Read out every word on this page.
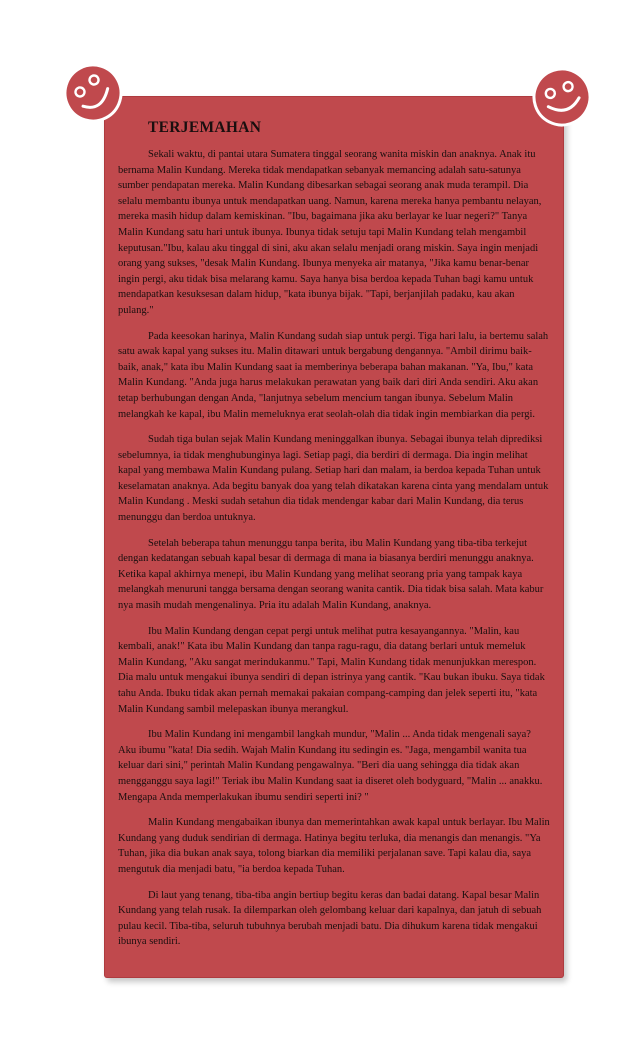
TERJEMAHAN

Sekali waktu, di pantai utara Sumatera tinggal seorang wanita miskin dan anaknya. Anak itu bernama Malin Kundang. Mereka tidak mendapatkan sebanyak memancing adalah satu-satunya sumber pendapatan mereka. Malin Kundang dibesarkan sebagai seorang anak muda terampil. Dia selalu membantu ibunya untuk mendapatkan uang. Namun, karena mereka hanya pembantu nelayan, mereka masih hidup dalam kemiskinan. "Ibu, bagaimana jika aku berlayar ke luar negeri?" Tanya Malin Kundang satu hari untuk ibunya. Ibunya tidak setuju tapi Malin Kundang telah mengambil keputusan."Ibu, kalau aku tinggal di sini, aku akan selalu menjadi orang miskin. Saya ingin menjadi orang yang sukses, "desak Malin Kundang. Ibunya menyeka air matanya, "Jika kamu benar-benar ingin pergi, aku tidak bisa melarang kamu. Saya hanya bisa berdoa kepada Tuhan bagi kamu untuk mendapatkan kesuksesan dalam hidup, "kata ibunya bijak. "Tapi, berjanjilah padaku, kau akan pulang."

Pada keesokan harinya, Malin Kundang sudah siap untuk pergi. Tiga hari lalu, ia bertemu salah satu awak kapal yang sukses itu. Malin ditawari untuk bergabung dengannya. "Ambil dirimu baik-baik, anak," kata ibu Malin Kundang saat ia memberinya beberapa bahan makanan. "Ya, Ibu," kata Malin Kundang. "Anda juga harus melakukan perawatan yang baik dari diri Anda sendiri. Aku akan tetap berhubungan dengan Anda, "lanjutnya sebelum mencium tangan ibunya. Sebelum Malin melangkah ke kapal, ibu Malin memeluknya erat seolah-olah dia tidak ingin membiarkan dia pergi.

Sudah tiga bulan sejak Malin Kundang meninggalkan ibunya. Sebagai ibunya telah diprediksi sebelumnya, ia tidak menghubunginya lagi. Setiap pagi, dia berdiri di dermaga. Dia ingin melihat kapal yang membawa Malin Kundang pulang. Setiap hari dan malam, ia berdoa kepada Tuhan untuk keselamatan anaknya. Ada begitu banyak doa yang telah dikatakan karena cinta yang mendalam untuk Malin Kundang . Meski sudah setahun dia tidak mendengar kabar dari Malin Kundang, dia terus menunggu dan berdoa untuknya.

Setelah beberapa tahun menunggu tanpa berita, ibu Malin Kundang yang tiba-tiba terkejut dengan kedatangan sebuah kapal besar di dermaga di mana ia biasanya berdiri menunggu anaknya. Ketika kapal akhirnya menepi, ibu Malin Kundang yang melihat seorang pria yang tampak kaya melangkah menuruni tangga bersama dengan seorang wanita cantik. Dia tidak bisa salah. Mata kabur nya masih mudah mengenalinya. Pria itu adalah Malin Kundang, anaknya.

Ibu Malin Kundang dengan cepat pergi untuk melihat putra kesayangannya. "Malin, kau kembali, anak!" Kata ibu Malin Kundang dan tanpa ragu-ragu, dia datang berlari untuk memeluk Malin Kundang, "Aku sangat merindukanmu." Tapi, Malin Kundang tidak menunjukkan merespon. Dia malu untuk mengakui ibunya sendiri di depan istrinya yang cantik. "Kau bukan ibuku. Saya tidak tahu Anda. Ibuku tidak akan pernah memakai pakaian compang-camping dan jelek seperti itu, "kata Malin Kundang sambil melepaskan ibunya merangkul.

Ibu Malin Kundang ini mengambil langkah mundur, "Malin ... Anda tidak mengenali saya? Aku ibumu "kata! Dia sedih. Wajah Malin Kundang itu sedingin es. "Jaga, mengambil wanita tua keluar dari sini," perintah Malin Kundang pengawalnya. "Beri dia uang sehingga dia tidak akan mengganggu saya lagi!" Teriak ibu Malin Kundang saat ia diseret oleh bodyguard, "Malin ... anakku. Mengapa Anda memperlakukan ibumu sendiri seperti ini? "

Malin Kundang mengabaikan ibunya dan memerintahkan awak kapal untuk berlayar. Ibu Malin Kundang yang duduk sendirian di dermaga. Hatinya begitu terluka, dia menangis dan menangis. "Ya Tuhan, jika dia bukan anak saya, tolong biarkan dia memiliki perjalanan save. Tapi kalau dia, saya mengutuk dia menjadi batu, "ia berdoa kepada Tuhan.

Di laut yang tenang, tiba-tiba angin bertiup begitu keras dan badai datang. Kapal besar Malin Kundang yang telah rusak. Ia dilemparkan oleh gelombang keluar dari kapalnya, dan jatuh di sebuah pulau kecil. Tiba-tiba, seluruh tubuhnya berubah menjadi batu. Dia dihukum karena tidak mengakui ibunya sendiri.
